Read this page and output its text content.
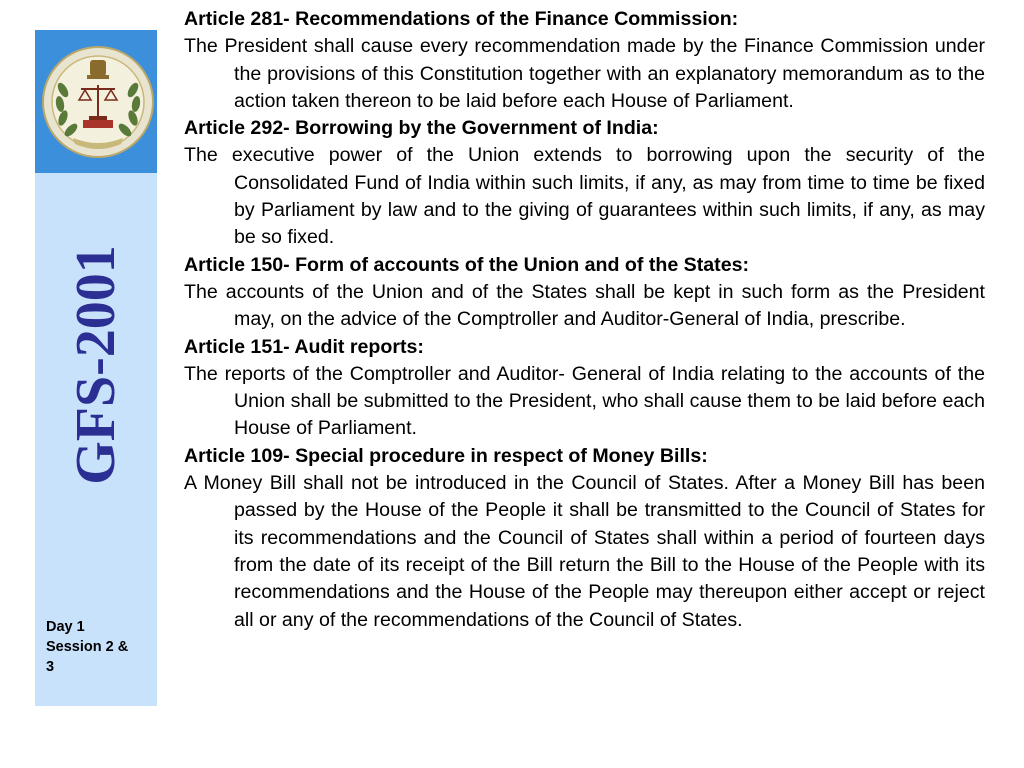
GFS-2001
Day 1
Session 2 &
3

Article 281- Recommendations of the Finance Commission:

The President shall cause every recommendation made by the Finance Commission under the provisions of this Constitution together with an explanatory memorandum as to the action taken thereon to be laid before each House of Parliament.

Article 292- Borrowing by the Government of India:

The executive power of the Union extends to borrowing upon the security of the Consolidated Fund of India within such limits, if any, as may from time to time be fixed by Parliament by law and to the giving of guarantees within such limits, if any, as may be so fixed.

Article 150- Form of accounts of the Union and of the States:

The accounts of the Union and of the States shall be kept in such form as the President may, on the advice of the Comptroller and Auditor-General of India, prescribe.

Article 151- Audit reports:

The reports of the Comptroller and Auditor- General of India relating to the accounts of the Union shall be submitted to the President, who shall cause them to be laid before each House of Parliament.

Article 109- Special procedure in respect of Money Bills:

A Money Bill shall not be introduced in the Council of States. After a Money Bill has been passed by the House of the People it shall be transmitted to the Council of States for its recommendations and the Council of States shall within a period of fourteen days from the date of its receipt of the Bill return the Bill to the House of the People with its recommendations and the House of the People may thereupon either accept or reject all or any of the recommendations of the Council of States.
